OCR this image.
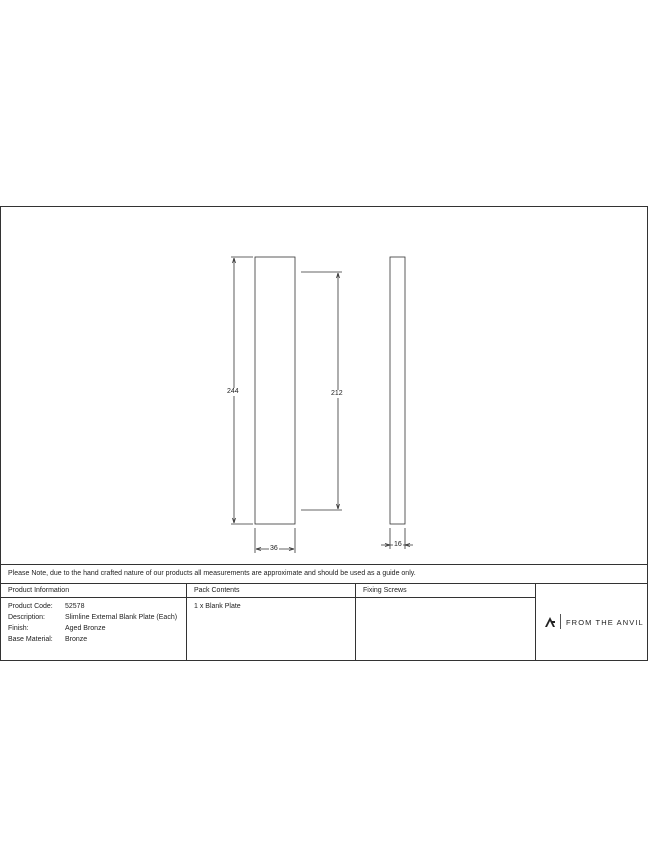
244	212
36
16
Please Note, due to the hand crafted nature of our products all measurements are approximate and should be used as a guide only.
Product Information
Product Code: 52578
Description:	Slimline External Blank Plate (Each)
Finish:	Aged Bronze
Base Material: Bronze
Pack Contents
1 x Blank Plate
Fixing Screws
FROM THE ANVIL
